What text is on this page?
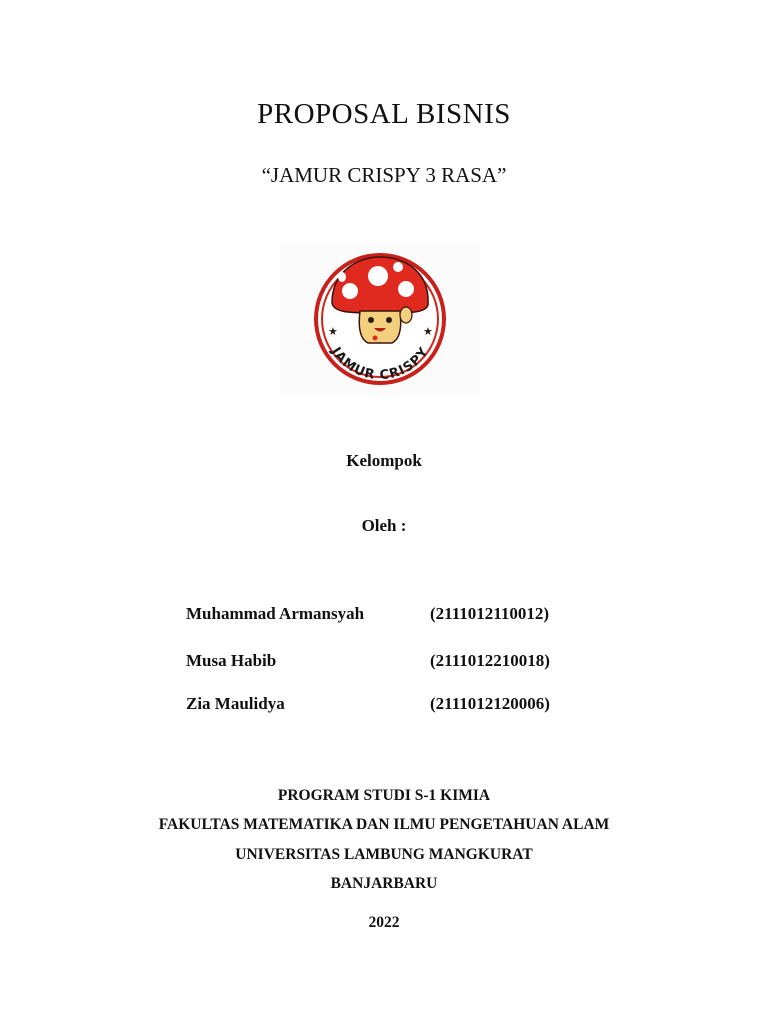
PROPOSAL BISNIS
“JAMUR CRISPY 3 RASA”
★	★
JAMUR CRISPY
Kelompok
Oleh :
Muhammad Armansyah	(2111012110012)
Musa Habib	(2111012210018)
Zia Maulidya	(2111012120006)
PROGRAM STUDI S-1 KIMIA
FAKULTAS MATEMATIKA DAN ILMU PENGETAHUAN ALAM
UNIVERSITAS LAMBUNG MANGKURAT
BANJARBARU
2022
